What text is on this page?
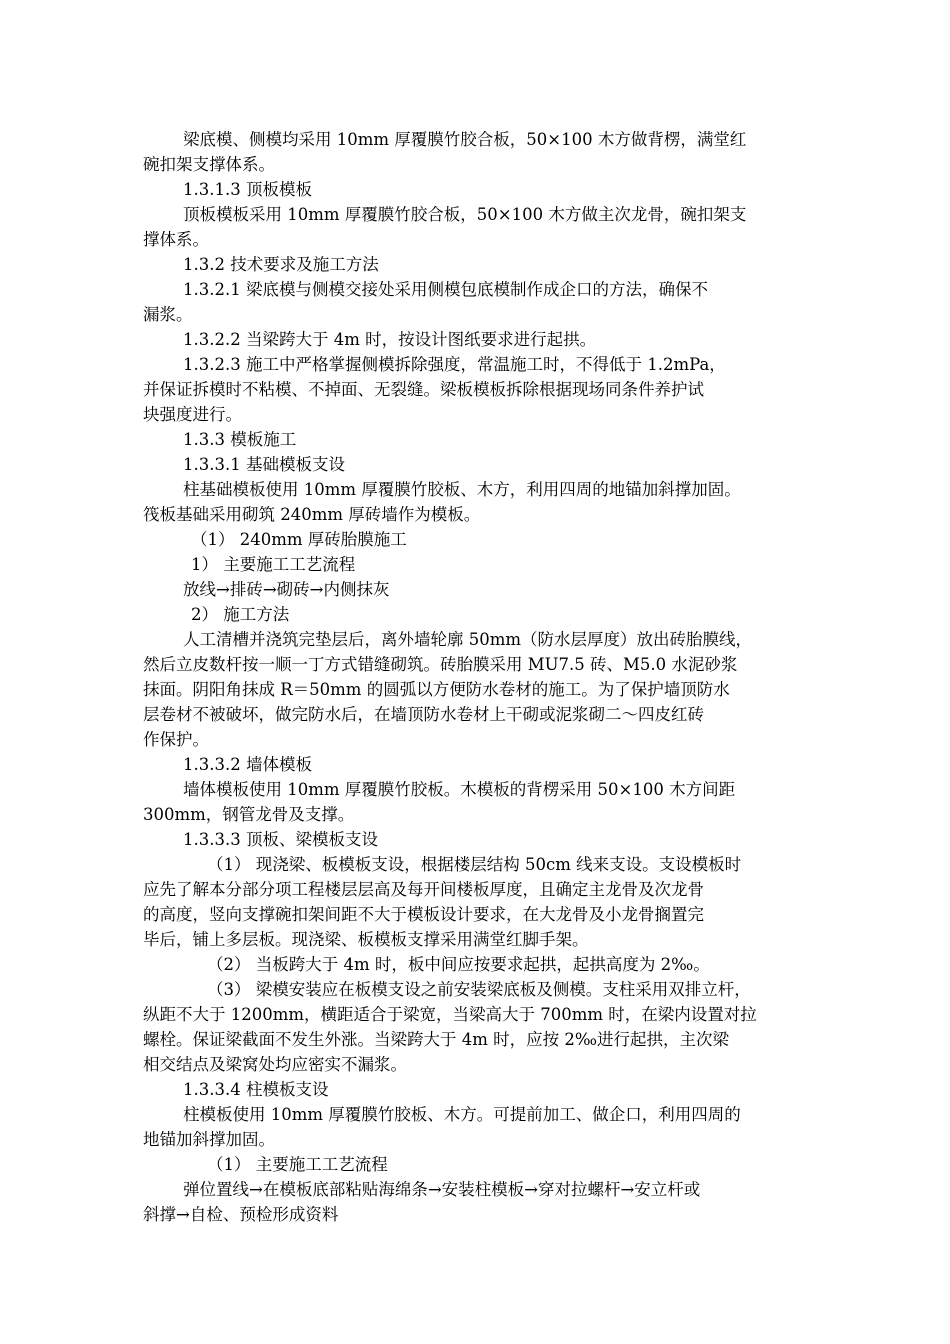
梁底模、侧模均采用 10mm 厚覆膜竹胶合板，50×100 木方做背楞，满堂红
碗扣架支撑体系。
1.3.1.3 顶板模板
顶板模板采用 10mm 厚覆膜竹胶合板，50×100 木方做主次龙骨，碗扣架支
撑体系。
1.3.2 技术要求及施工方法
1.3.2.1 梁底模与侧模交接处采用侧模包底模制作成企口的方法，确保不
漏浆。
1.3.2.2 当梁跨大于 4m 时，按设计图纸要求进行起拱。
1.3.2.3 施工中严格掌握侧模拆除强度，常温施工时，不得低于 1.2mPa，
并保证拆模时不粘模、不掉面、无裂缝。梁板模板拆除根据现场同条件养护试
块强度进行。
1.3.3 模板施工
1.3.3.1 基础模板支设
柱基础模板使用 10mm 厚覆膜竹胶板、木方，利用四周的地锚加斜撑加固。
筏板基础采用砌筑 240mm 厚砖墙作为模板。
（1） 240mm 厚砖胎膜施工
1） 主要施工工艺流程
放线→排砖→砌砖→内侧抹灰
2） 施工方法
人工清槽并浇筑完垫层后，离外墙轮廓 50mm（防水层厚度）放出砖胎膜线，
然后立皮数杆按一顺一丁方式错缝砌筑。砖胎膜采用 MU7.5 砖、M5.0 水泥砂浆
抹面。阴阳角抹成 R＝50mm 的圆弧以方便防水卷材的施工。为了保护墙顶防水
层卷材不被破坏，做完防水后，在墙顶防水卷材上干砌或泥浆砌二～四皮红砖
作保护。
1.3.3.2 墙体模板
墙体模板使用 10mm 厚覆膜竹胶板。木模板的背楞采用 50×100 木方间距
300mm，钢管龙骨及支撑。
1.3.3.3 顶板、梁模板支设
（1） 现浇梁、板模板支设，根据楼层结构 50cm 线来支设。支设模板时
应先了解本分部分项工程楼层层高及每开间楼板厚度，且确定主龙骨及次龙骨
的高度，竖向支撑碗扣架间距不大于模板设计要求，在大龙骨及小龙骨搁置完
毕后，铺上多层板。现浇梁、板模板支撑采用满堂红脚手架。
（2） 当板跨大于 4m 时，板中间应按要求起拱，起拱高度为 2‰。
（3） 梁模安装应在板模支设之前安装梁底板及侧模。支柱采用双排立杆，
纵距不大于 1200mm，横距适合于梁宽，当梁高大于 700mm 时，在梁内设置对拉
螺栓。保证梁截面不发生外涨。当梁跨大于 4m 时，应按 2‰进行起拱，主次梁
相交结点及梁窝处均应密实不漏浆。
1.3.3.4 柱模板支设
柱模板使用 10mm 厚覆膜竹胶板、木方。可提前加工、做企口，利用四周的
地锚加斜撑加固。
（1） 主要施工工艺流程
弹位置线→在模板底部粘贴海绵条→安装柱模板→穿对拉螺杆→安立杆或
斜撑→自检、预检形成资料
